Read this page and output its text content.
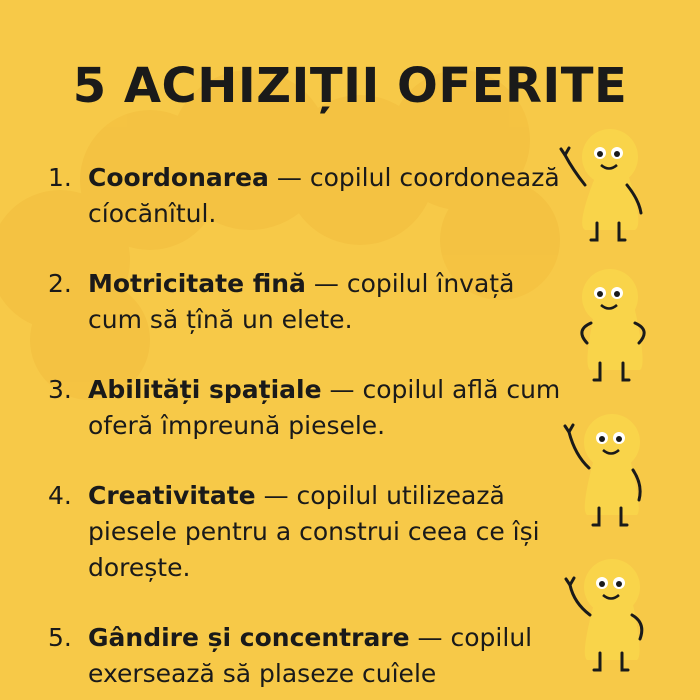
5 ACHIZIȚII OFERITE
1. Coordonarea — copilul coordonează cíocănîtul.
2. Motricitate fină — copilul învață cum să țînă un elete.
3. Abilități spațiale — copilul află cum oferă împreună piesele.
4. Creativitate — copilul utilizează piesele pentru a construi ceea ce își dorește.
5. Gândire și concentrare — copilul exersează să plaseze cuîele
